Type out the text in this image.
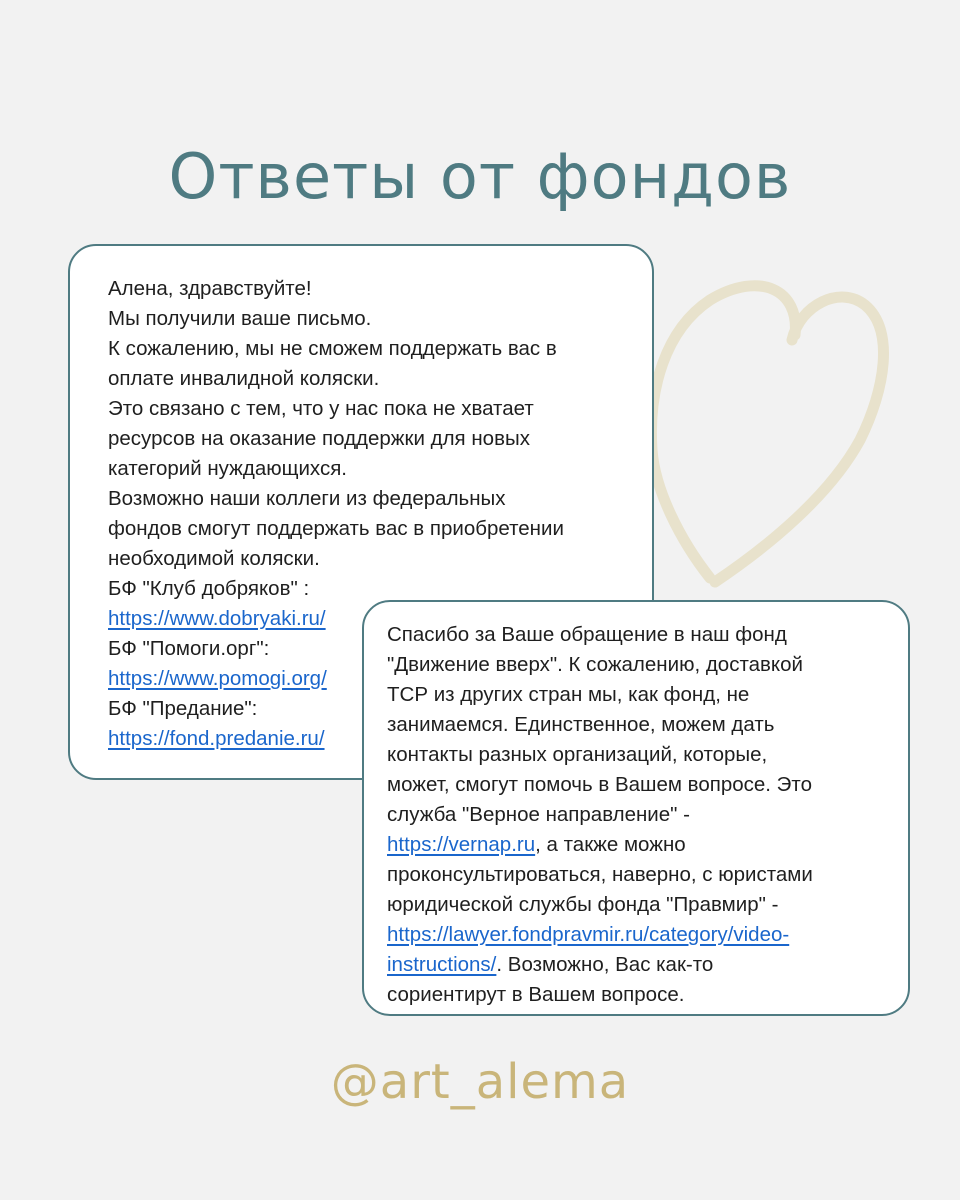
Ответы от фондов
Алена, здравствуйте!
Мы получили ваше письмо.
К сожалению, мы не сможем поддержать вас в
оплате инвалидной коляски.
Это связано с тем, что у нас пока не хватает
ресурсов на оказание поддержки для новых
категорий нуждающихся.
Возможно наши коллеги из федеральных
фондов смогут поддержать вас в приобретении
необходимой коляски.
БФ "Клуб добряков" :
https://www.dobryaki.ru/
БФ "Помоги.орг":
https://www.pomogi.org/
БФ "Предание":
https://fond.predanie.ru/
Спасибо за Ваше обращение в наш фонд
"Движение вверх". К сожалению, доставкой
ТСР из других стран мы, как фонд, не
занимаемся. Единственное, можем дать
контакты разных организаций, которые,
может, смогут помочь в Вашем вопросе. Это
служба "Верное направление" -
https://vernap.ru, а также можно
проконсультироваться, наверно, с юристами
юридической службы фонда "Правмир" -
https://lawyer.fondpravmir.ru/category/video-
instructions/. Возможно, Вас как-то
сориентирут в Вашем вопросе.
@art_alema
